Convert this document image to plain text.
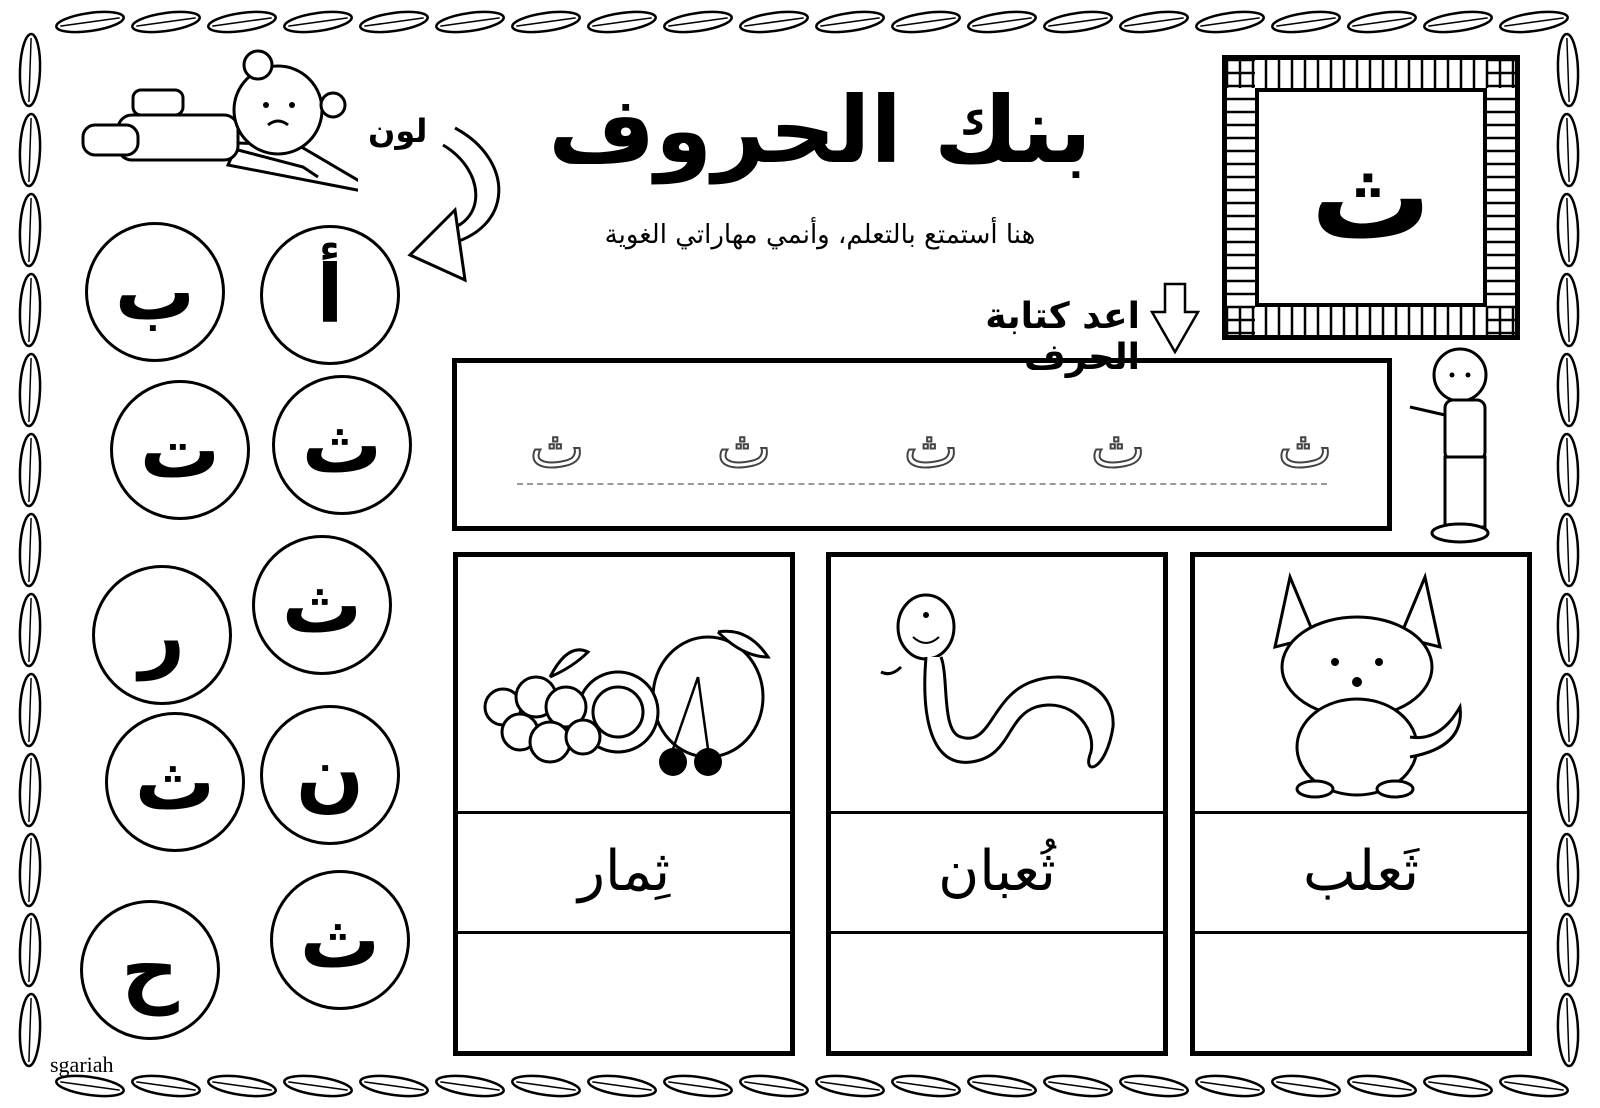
بنك الحروف
هنا أستمتع بالتعلم، وأنمي مهاراتي الغوية
لون	ث
اعد كتابة الحرف
ث ث ث ث ث
أ
ب
ث
ت
ث
ر
ن
ث
ث
ح
ثَعلب
ثُعبان
ثِمار
sgariah
